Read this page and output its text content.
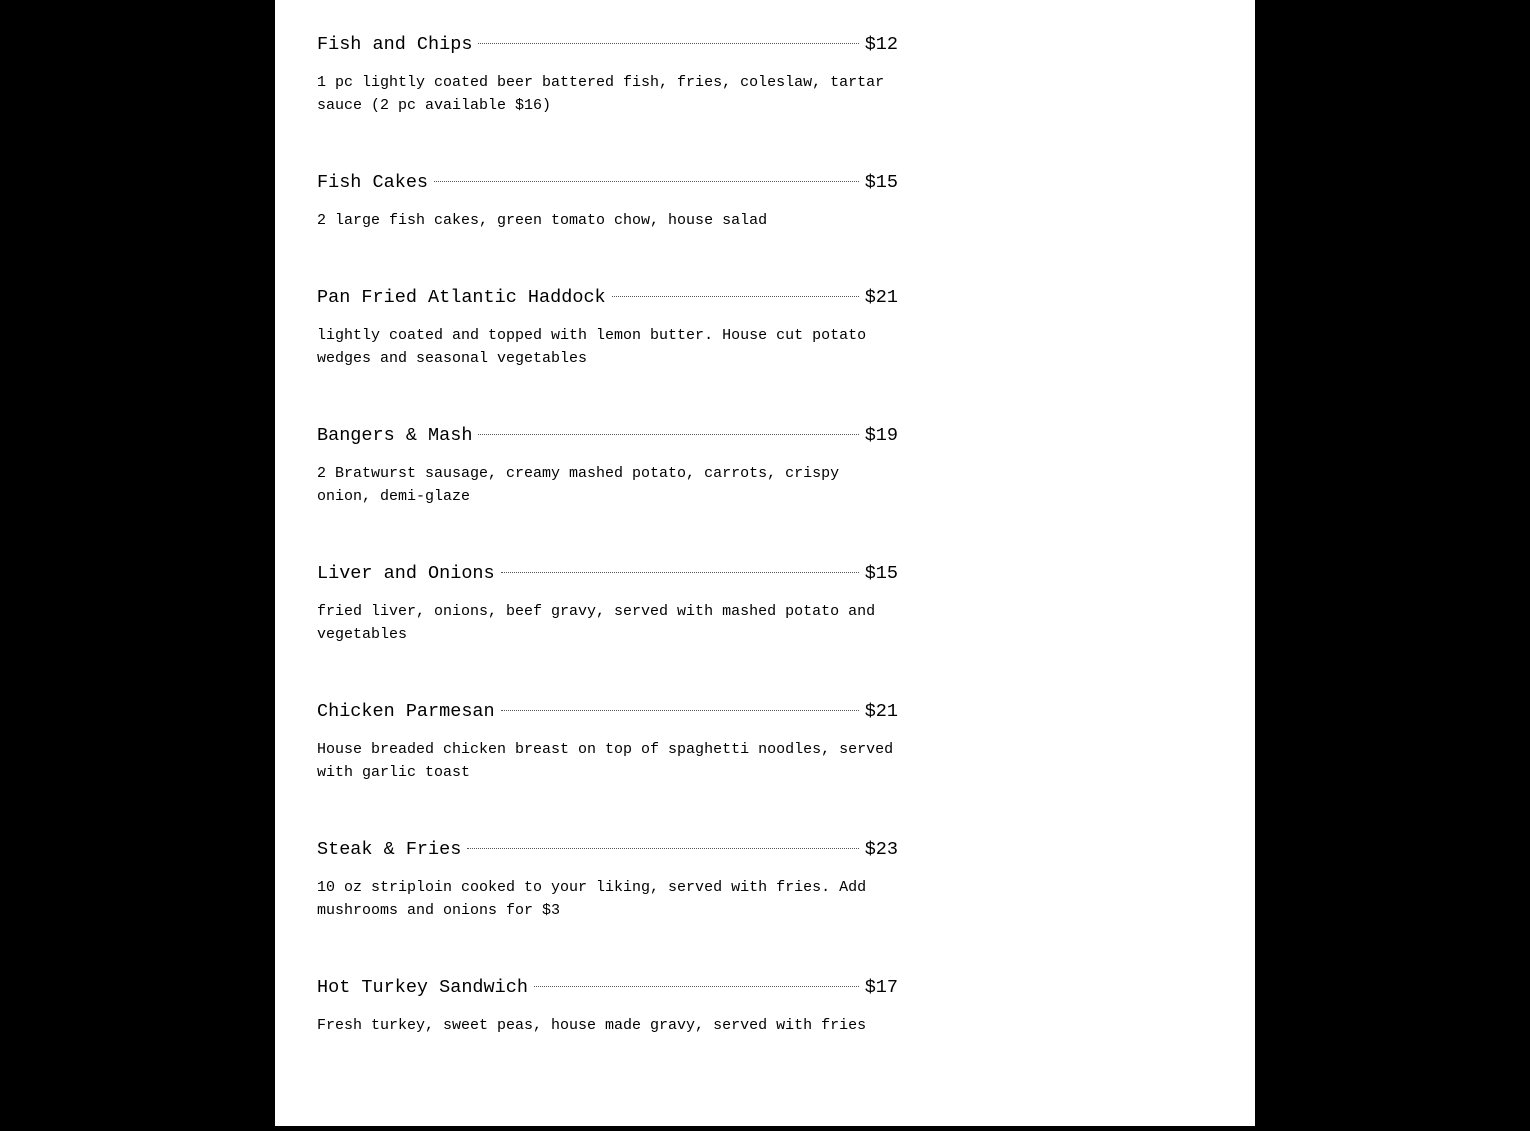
Fish and Chips	$12
1 pc lightly coated beer battered fish, fries, coleslaw, tartar sauce (2 pc available $16)
Fish Cakes	$15
2 large fish cakes, green tomato chow, house salad
Pan Fried Atlantic Haddock	$21
lightly coated and topped with lemon butter. House cut potato wedges and seasonal vegetables
Bangers & Mash	$19
2 Bratwurst sausage, creamy mashed potato, carrots, crispy onion, demi-glaze
Liver and Onions	$15
fried liver, onions, beef gravy, served with mashed potato and vegetables
Chicken Parmesan	$21
House breaded chicken breast on top of spaghetti noodles, served with garlic toast
Steak & Fries	$23
10 oz striploin cooked to your liking, served with fries. Add mushrooms and onions for $3
Hot Turkey Sandwich	$17
Fresh turkey, sweet peas, house made gravy, served with fries
